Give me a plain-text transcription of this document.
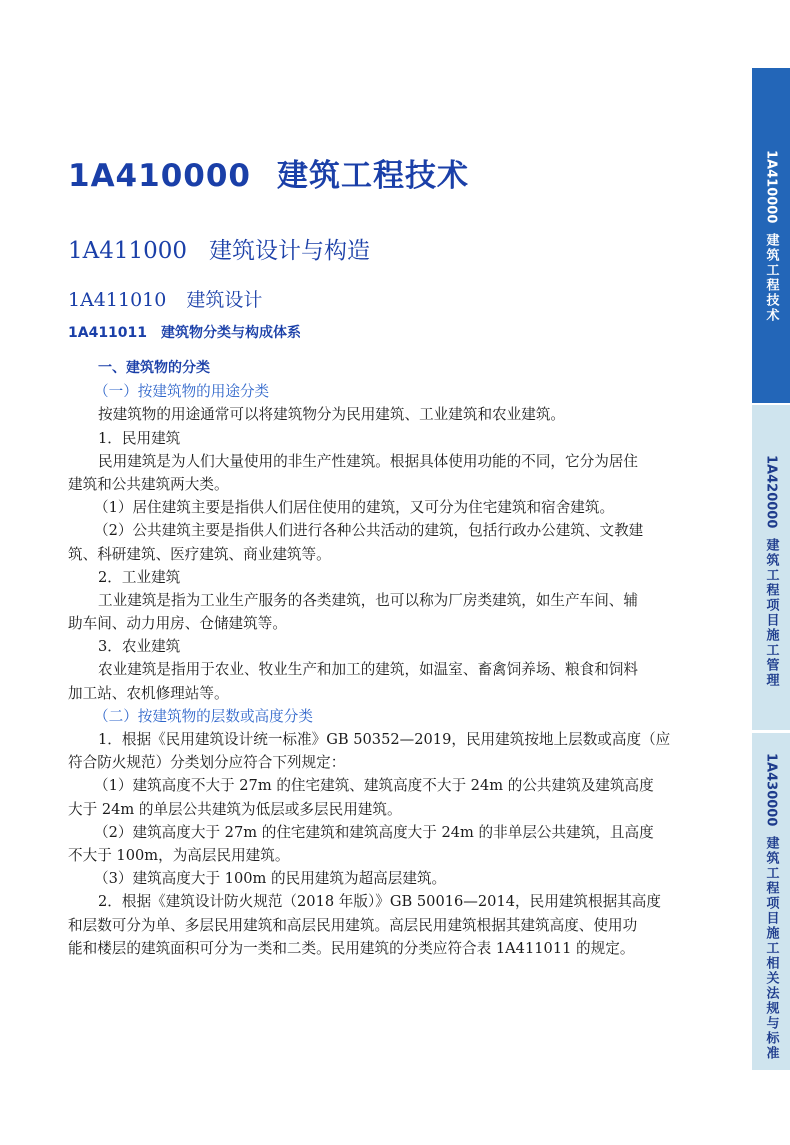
1A410000 建筑工程技术
1A411000 建筑设计与构造
1A411010 建筑设计
1A411011 建筑物分类与构成体系
一、建筑物的分类
（一）按建筑物的用途分类
按建筑物的用途通常可以将建筑物分为民用建筑、工业建筑和农业建筑。
1．民用建筑
民用建筑是为人们大量使用的非生产性建筑。根据具体使用功能的不同，它分为居住
建筑和公共建筑两大类。
（1）居住建筑主要是指供人们居住使用的建筑，又可分为住宅建筑和宿舍建筑。
（2）公共建筑主要是指供人们进行各种公共活动的建筑，包括行政办公建筑、文教建
筑、科研建筑、医疗建筑、商业建筑等。
2．工业建筑
工业建筑是指为工业生产服务的各类建筑，也可以称为厂房类建筑，如生产车间、辅
助车间、动力用房、仓储建筑等。
3．农业建筑
农业建筑是指用于农业、牧业生产和加工的建筑，如温室、畜禽饲养场、粮食和饲料
加工站、农机修理站等。
（二）按建筑物的层数或高度分类
1．根据《民用建筑设计统一标准》GB 50352—2019，民用建筑按地上层数或高度（应
符合防火规范）分类划分应符合下列规定：
（1）建筑高度不大于 27m 的住宅建筑、建筑高度不大于 24m 的公共建筑及建筑高度
大于 24m 的单层公共建筑为低层或多层民用建筑。
（2）建筑高度大于 27m 的住宅建筑和建筑高度大于 24m 的非单层公共建筑，且高度
不大于 100m，为高层民用建筑。
（3）建筑高度大于 100m 的民用建筑为超高层建筑。
2．根据《建筑设计防火规范（2018 年版）》GB 50016—2014，民用建筑根据其高度
和层数可分为单、多层民用建筑和高层民用建筑。高层民用建筑根据其建筑高度、使用功
能和楼层的建筑面积可分为一类和二类。民用建筑的分类应符合表 1A411011 的规定。
1A410000
建筑工程技术
1A420000
建筑工程项目施工管理
1A430000
建筑工程项目施工相关法规与标准
